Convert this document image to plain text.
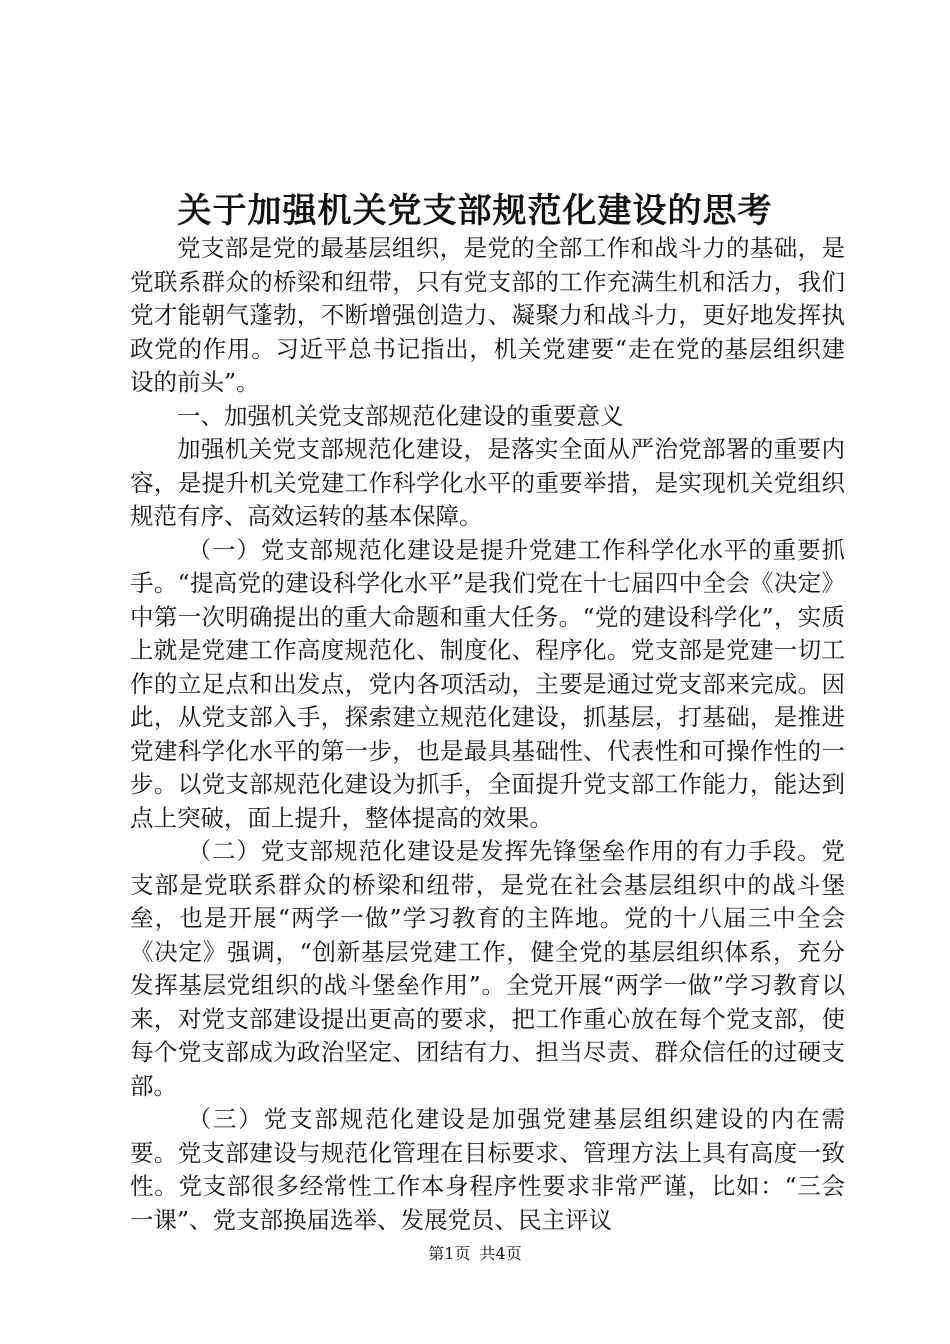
关于加强机关党支部规范化建设的思考

党支部是党的最基层组织，是党的全部工作和战斗力的基础，是党联系群众的桥梁和纽带，只有党支部的工作充满生机和活力，我们党才能朝气蓬勃，不断增强创造力、凝聚力和战斗力，更好地发挥执政党的作用。习近平总书记指出，机关党建要“走在党的基层组织建设的前头”。

一、加强机关党支部规范化建设的重要意义

加强机关党支部规范化建设，是落实全面从严治党部署的重要内容，是提升机关党建工作科学化水平的重要举措，是实现机关党组织规范有序、高效运转的基本保障。

（一）党支部规范化建设是提升党建工作科学化水平的重要抓手。“提高党的建设科学化水平”是我们党在十七届四中全会《决定》中第一次明确提出的重大命题和重大任务。“党的建设科学化”，实质上就是党建工作高度规范化、制度化、程序化。党支部是党建一切工作的立足点和出发点，党内各项活动，主要是通过党支部来完成。因此，从党支部入手，探索建立规范化建设，抓基层，打基础，是推进党建科学化水平的第一步，也是最具基础性、代表性和可操作性的一步。以党支部规范化建设为抓手，全面提升党支部工作能力，能达到点上突破，面上提升，整体提高的效果。

（二）党支部规范化建设是发挥先锋堡垒作用的有力手段。党支部是党联系群众的桥梁和纽带，是党在社会基层组织中的战斗堡垒，也是开展“两学一做”学习教育的主阵地。党的十八届三中全会《决定》强调，“创新基层党建工作，健全党的基层组织体系，充分发挥基层党组织的战斗堡垒作用”。全党开展“两学一做”学习教育以来，对党支部建设提出更高的要求，把工作重心放在每个党支部，使每个党支部成为政治坚定、团结有力、担当尽责、群众信任的过硬支部。

（三）党支部规范化建设是加强党建基层组织建设的内在需要。党支部建设与规范化管理在目标要求、管理方法上具有高度一致性。党支部很多经常性工作本身程序性要求非常严谨，比如：“三会一课”、党支部换届选举、发展党员、民主评议

第1页 共4页
